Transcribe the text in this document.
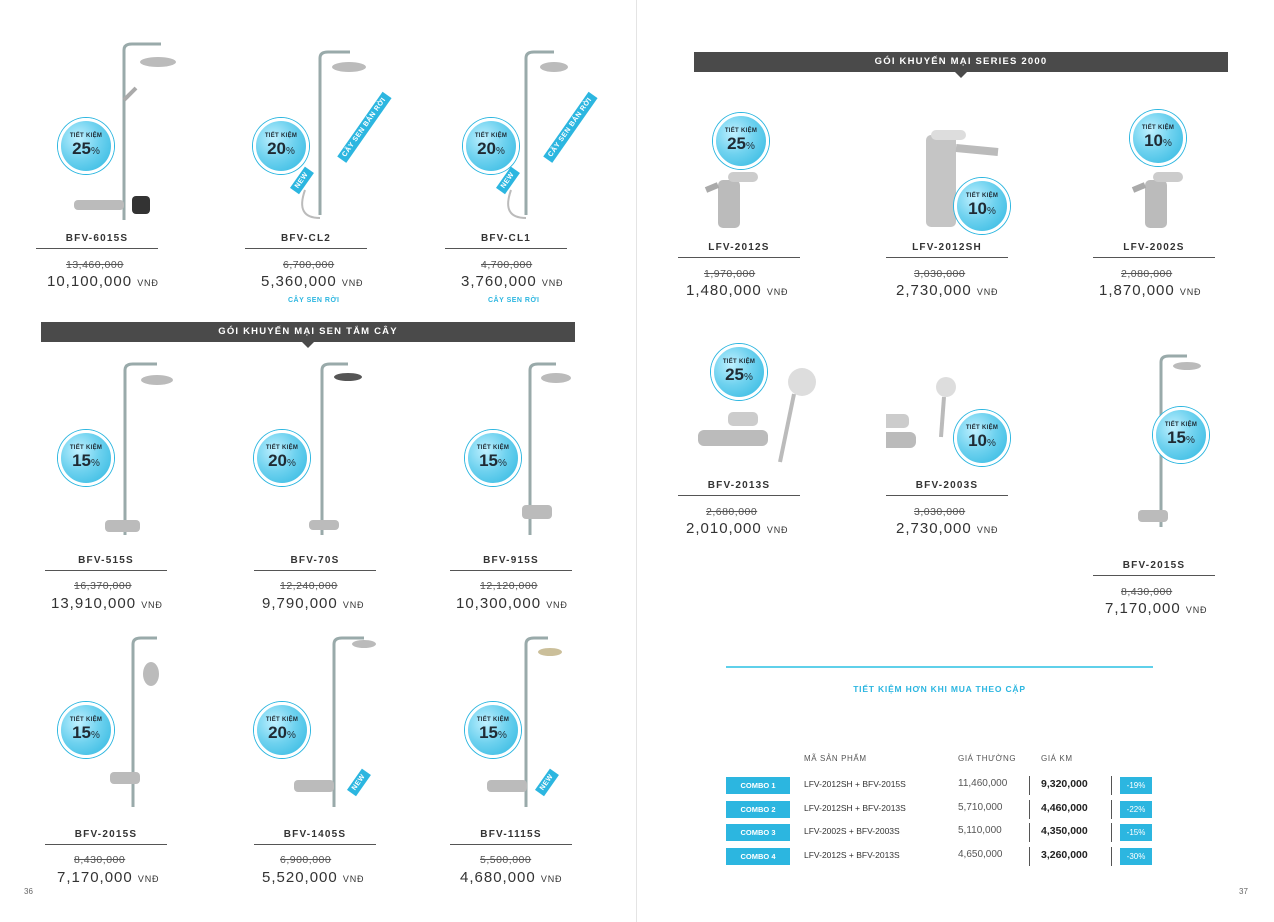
TIẾT KIỆM
25%
BFV-6015S
13,460,000
10,100,000 VNĐ
CÂY SEN BÁN RỜI
NEW
TIẾT KIỆM
20%
BFV-CL2
6,700,000
5,360,000 VNĐ
CÂY SEN RỜI
CÂY SEN BÁN RỜI
NEW
TIẾT KIỆM
20%
BFV-CL1
4,700,000
3,760,000 VNĐ
CÂY SEN RỜI
GÓI KHUYẾN MẠI SEN TẮM CÂY
TIẾT KIỆM
15%
BFV-515S
16,370,000
13,910,000 VNĐ
TIẾT KIỆM
20%
BFV-70S
12,240,000
9,790,000 VNĐ
TIẾT KIỆM
15%
BFV-915S
12,120,000
10,300,000 VNĐ
TIẾT KIỆM
15%
BFV-2015S
8,430,000
7,170,000 VNĐ
NEW
TIẾT KIỆM
20%
BFV-1405S
6,900,000
5,520,000 VNĐ
NEW
TIẾT KIỆM
15%
BFV-1115S
5,500,000
4,680,000 VNĐ
36
GÓI KHUYẾN MẠI SERIES 2000
TIẾT KIỆM
25%
LFV-2012S
1,970,000
1,480,000 VNĐ
TIẾT KIỆM
10%
LFV-2012SH
3,030,000
2,730,000 VNĐ
TIẾT KIỆM
10%
LFV-2002S
2,080,000
1,870,000 VNĐ
TIẾT KIỆM
25%
BFV-2013S
2,680,000
2,010,000 VNĐ
TIẾT KIỆM
10%
BFV-2003S
3,030,000
2,730,000 VNĐ
TIẾT KIỆM
15%
BFV-2015S
8,430,000
7,170,000 VNĐ
TIẾT KIỆM HƠN KHI MUA THEO CẶP
MÃ SẢN PHẨM	GIÁ THƯỜNG	GIÁ KM
COMBO 1	LFV-2012SH + BFV-2015S	11,460,000	9,320,000	-19%
COMBO 2	LFV-2012SH + BFV-2013S	5,710,000	4,460,000	-22%
COMBO 3	LFV-2002S + BFV-2003S	5,110,000	4,350,000	-15%
COMBO 4	LFV-2012S + BFV-2013S	4,650,000	3,260,000	-30%
37
